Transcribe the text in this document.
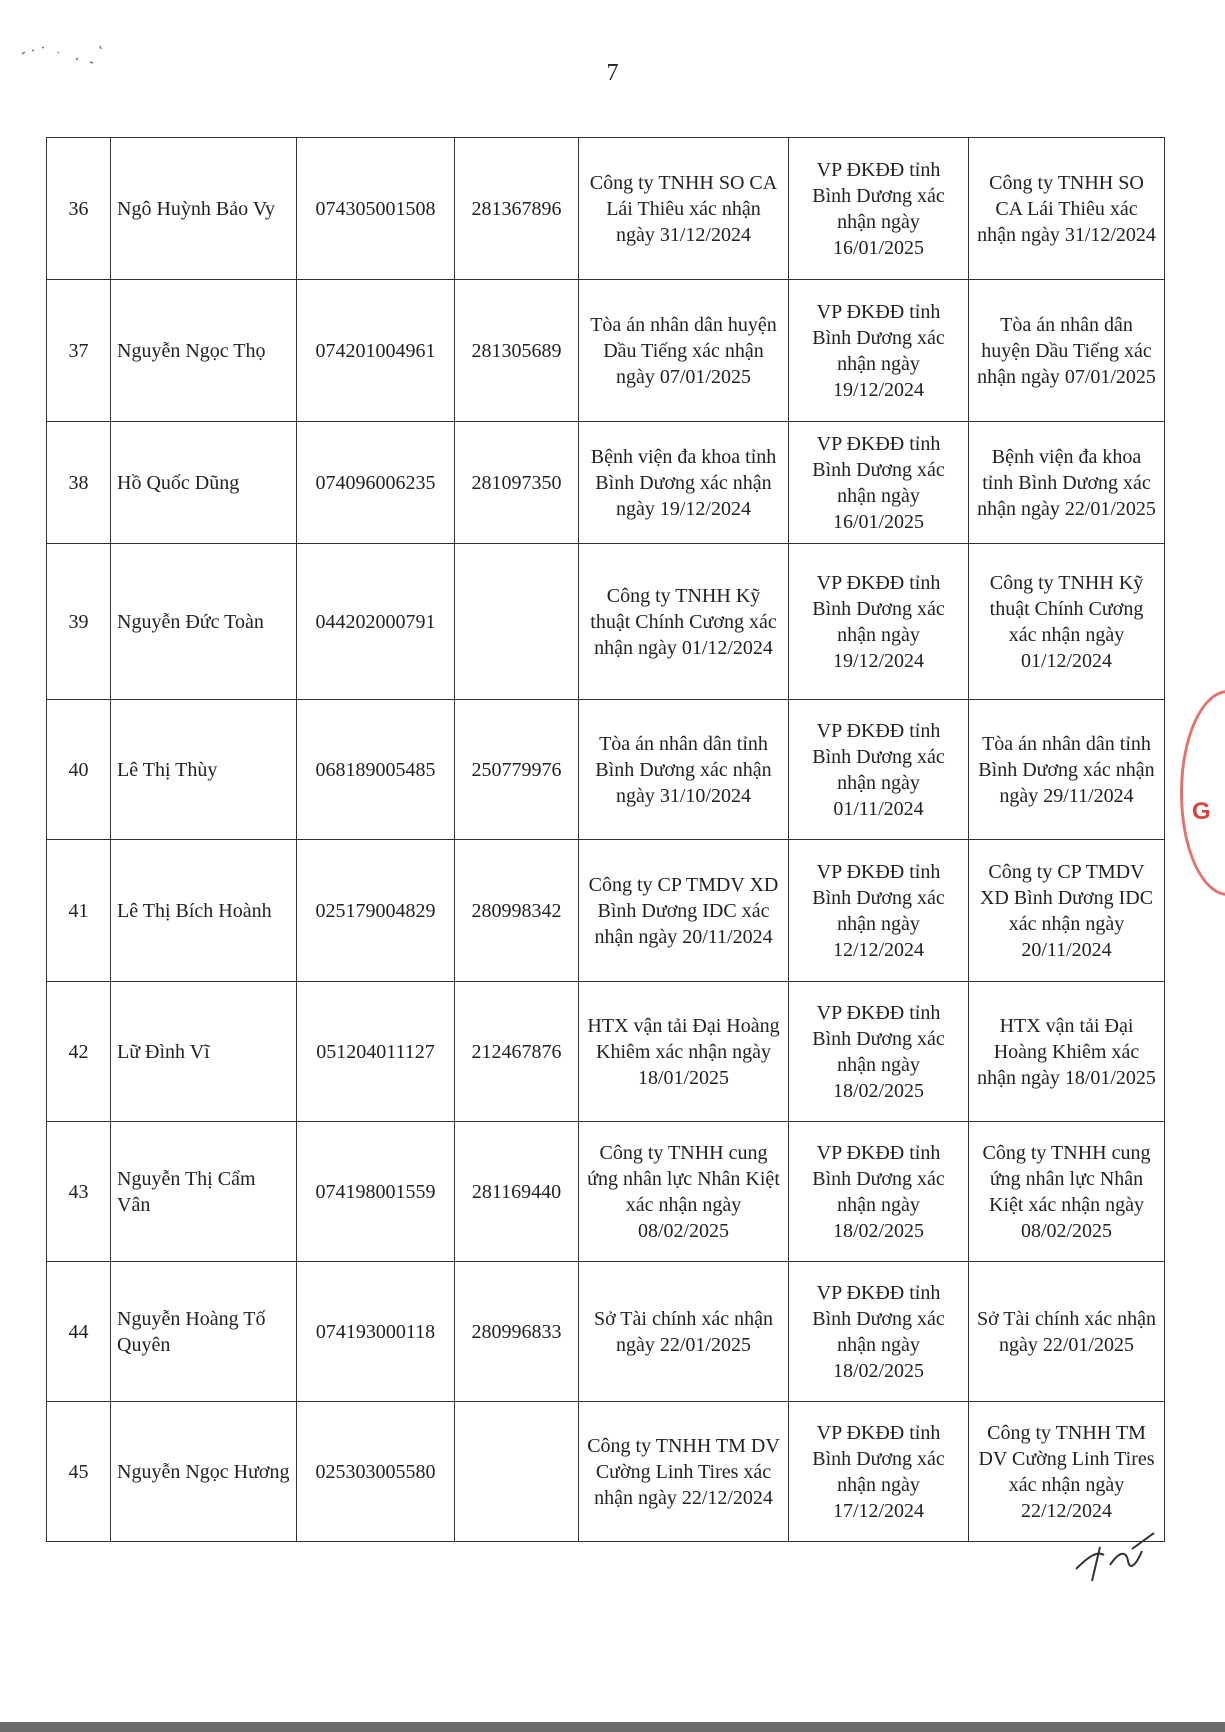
7
36	Ngô Huỳnh Bảo Vy	074305001508	281367896	Công ty TNHH SO CA Lái Thiêu xác nhận ngày 31/12/2024	VP ĐKĐĐ tỉnh Bình Dương xác nhận ngày 16/01/2025	Công ty TNHH SO CA Lái Thiêu xác nhận ngày 31/12/2024
37	Nguyễn Ngọc Thọ	074201004961	281305689	Tòa án nhân dân huyện Dầu Tiếng xác nhận ngày 07/01/2025	VP ĐKĐĐ tỉnh Bình Dương xác nhận ngày 19/12/2024	Tòa án nhân dân huyện Dầu Tiếng xác nhận ngày 07/01/2025
38	Hồ Quốc Dũng	074096006235	281097350	Bệnh viện đa khoa tỉnh Bình Dương xác nhận ngày 19/12/2024	VP ĐKĐĐ tỉnh Bình Dương xác nhận ngày 16/01/2025	Bệnh viện đa khoa tỉnh Bình Dương xác nhận ngày 22/01/2025
39	Nguyễn Đức Toàn	044202000791		Công ty TNHH Kỹ thuật Chính Cương xác nhận ngày 01/12/2024	VP ĐKĐĐ tỉnh Bình Dương xác nhận ngày 19/12/2024	Công ty TNHH Kỹ thuật Chính Cương xác nhận ngày 01/12/2024
40	Lê Thị Thùy	068189005485	250779976	Tòa án nhân dân tỉnh Bình Dương xác nhận ngày 31/10/2024	VP ĐKĐĐ tỉnh Bình Dương xác nhận ngày 01/11/2024	Tòa án nhân dân tỉnh Bình Dương xác nhận ngày 29/11/2024
41	Lê Thị Bích Hoành	025179004829	280998342	Công ty CP TMDV XD Bình Dương IDC xác nhận ngày 20/11/2024	VP ĐKĐĐ tỉnh Bình Dương xác nhận ngày 12/12/2024	Công ty CP TMDV XD Bình Dương IDC xác nhận ngày 20/11/2024
42	Lữ Đình Vĩ	051204011127	212467876	HTX vận tải Đại Hoàng Khiêm xác nhận ngày 18/01/2025	VP ĐKĐĐ tỉnh Bình Dương xác nhận ngày 18/02/2025	HTX vận tải Đại Hoàng Khiêm xác nhận ngày 18/01/2025
43	Nguyễn Thị Cẩm Vân	074198001559	281169440	Công ty TNHH cung ứng nhân lực Nhân Kiệt xác nhận ngày 08/02/2025	VP ĐKĐĐ tỉnh Bình Dương xác nhận ngày 18/02/2025	Công ty TNHH cung ứng nhân lực Nhân Kiệt xác nhận ngày 08/02/2025
44	Nguyễn Hoàng Tố Quyên	074193000118	280996833	Sở Tài chính xác nhận ngày 22/01/2025	VP ĐKĐĐ tỉnh Bình Dương xác nhận ngày 18/02/2025	Sở Tài chính xác nhận ngày 22/01/2025
45	Nguyễn Ngọc Hương	025303005580		Công ty TNHH TM DV Cường Linh Tires xác nhận ngày 22/12/2024	VP ĐKĐĐ tỉnh Bình Dương xác nhận ngày 17/12/2024	Công ty TNHH TM DV Cường Linh Tires xác nhận ngày 22/12/2024
G
